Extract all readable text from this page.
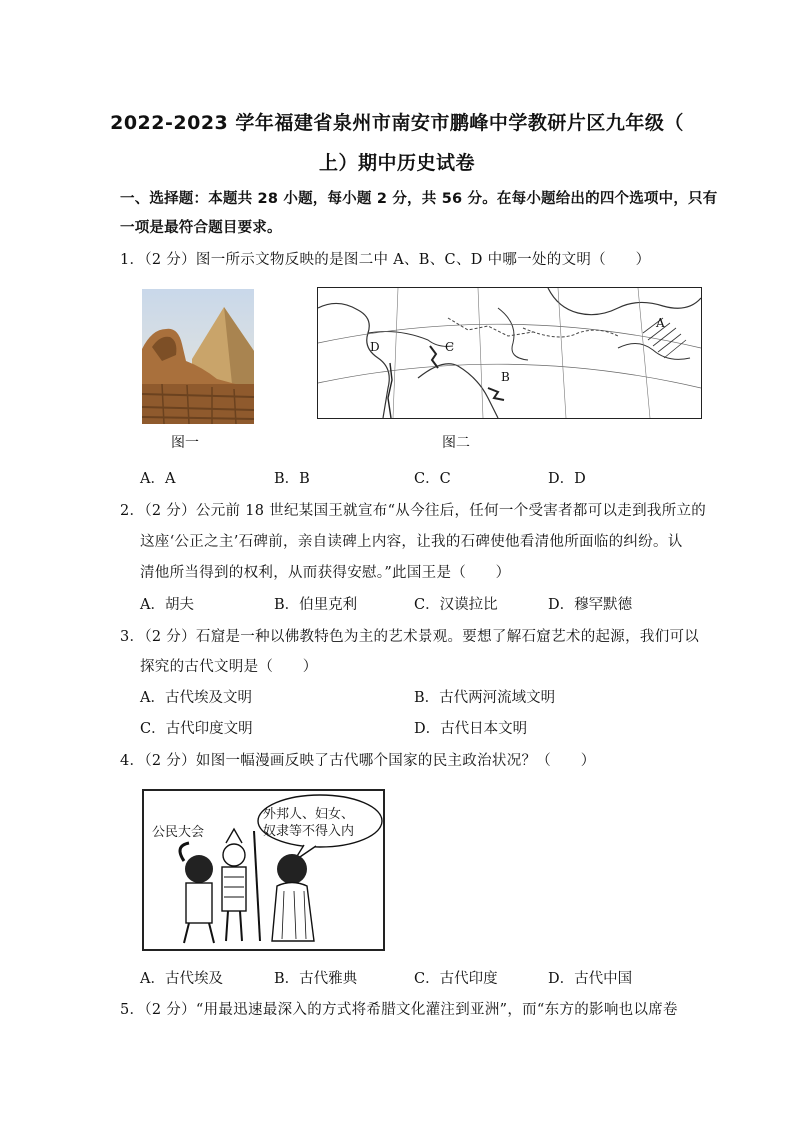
2022-2023 学年福建省泉州市南安市鹏峰中学教研片区九年级（
上）期中历史试卷
一、选择题：本题共 28 小题，每小题 2 分，共 56 分。在每小题给出的四个选项中，只有
一项是最符合题目要求。
1．（2 分）图一所示文物反映的是图二中 A、B、C、D 中哪一处的文明（　　）
A
B
C
D
图一	图二
A．A	B．B	C．C	D．D
2．（2 分）公元前 18 世纪某国王就宣布“从今往后，任何一个受害者都可以走到我所立的
这座‘公正之主’石碑前，亲自读碑上内容，让我的石碑使他看清他所面临的纠纷。认
清他所当得到的权利，从而获得安慰。”此国王是（　　）
A．胡夫	B．伯里克利	C．汉谟拉比	D．穆罕默德
3．（2 分）石窟是一种以佛教特色为主的艺术景观。要想了解石窟艺术的起源，我们可以
探究的古代文明是（　　）
A．古代埃及文明	B．古代两河流域文明
C．古代印度文明	D．古代日本文明
4．（2 分）如图一幅漫画反映了古代哪个国家的民主政治状况？（　　）
公民大会
外邦人、妇女、
奴隶等不得入内
A．古代埃及	B．古代雅典	C．古代印度	D．古代中国
5．（2 分）“用最迅速最深入的方式将希腊文化灌注到亚洲”，而“东方的影响也以席卷
